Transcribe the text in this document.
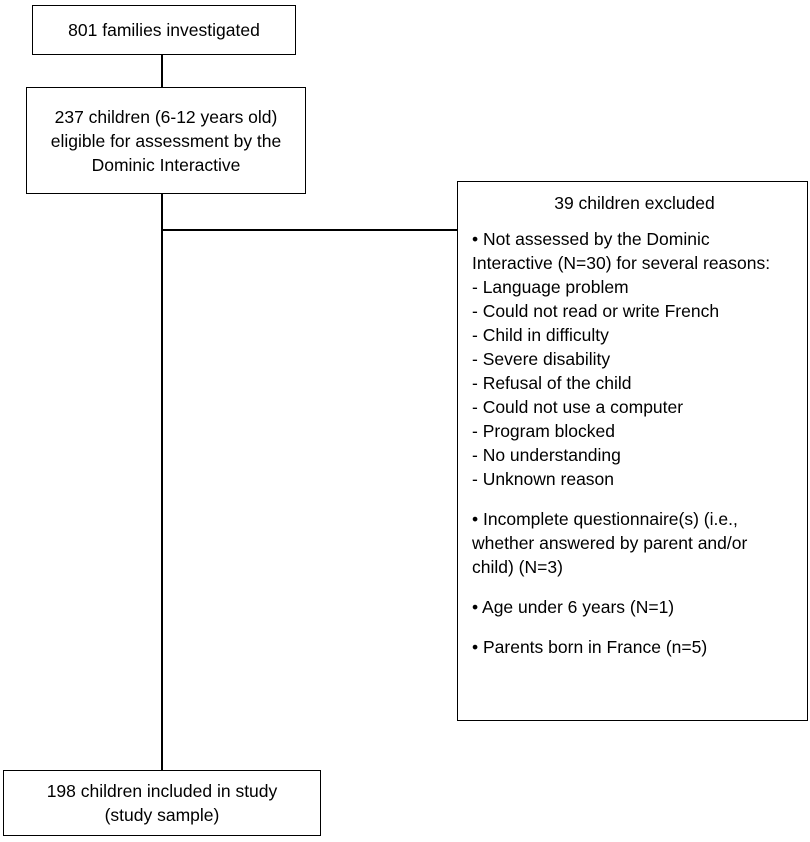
801 families investigated
237 children (6-12 years old)
eligible for assessment by the
Dominic Interactive
39 children excluded
• Not assessed by the Dominic
Interactive (N=30) for several reasons:
- Language problem
- Could not read or write French
- Child in difficulty
- Severe disability
- Refusal of the child
- Could not use a computer
- Program blocked
- No understanding
- Unknown reason
• Incomplete questionnaire(s) (i.e.,
whether answered by parent and/or
child) (N=3)
• Age under 6 years (N=1)
• Parents born in France (n=5)
198 children included in study
(study sample)
